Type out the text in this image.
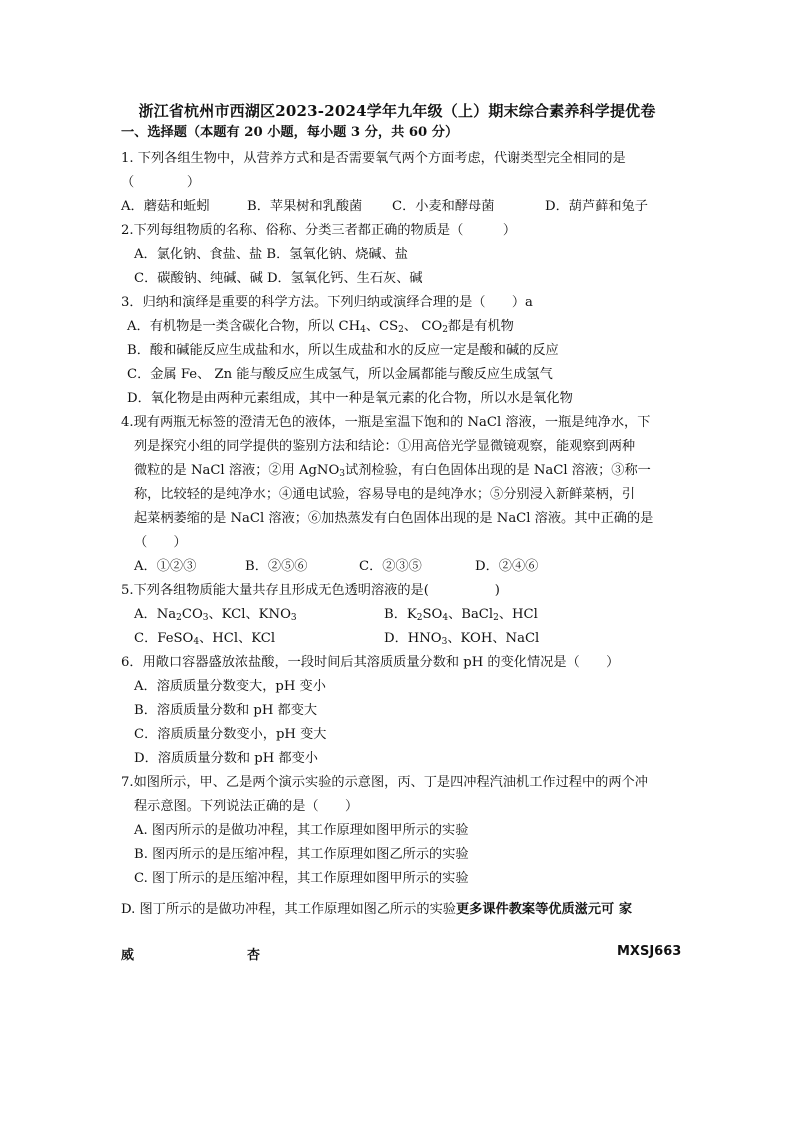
浙江省杭州市西湖区2023-2024学年九年级（上）期末综合素养科学提优卷
一、选择题（本题有 20 小题，每小题 3 分，共 60 分）
1. 下列各组生物中，从营养方式和是否需要氧气两个方面考虑，代谢类型完全相同的是
（　　　　）
A．蘑菇和蚯蚓	B．苹果树和乳酸菌 C．小麦和酵母菌	D．葫芦藓和兔子
2.下列每组物质的名称、俗称、分类三者都正确的物质是（　　　）
A．氯化钠、食盐、盐 B．氢氧化钠、烧碱、盐
C．碳酸钠、纯碱、碱 D．氢氧化钙、生石灰、碱
3．归纳和演绎是重要的科学方法。下列归纳或演绎合理的是（　　）a
A．有机物是一类含碳化合物，所以 $CH_4$、$CS_2$、 $CO_2$都是有机物
B．酸和碱能反应生成盐和水，所以生成盐和水的反应一定是酸和碱的反应
C．金属 Fe、 Zn 能与酸反应生成氢气，所以金属都能与酸反应生成氢气
D．氧化物是由两种元素组成，其中一种是氧元素的化合物，所以水是氧化物
4.现有两瓶无标签的澄清无色的液体，一瓶是室温下饱和的 NaCl 溶液，一瓶是纯净水，下
列是探究小组的同学提供的鉴别方法和结论：①用高倍光学显微镜观察，能观察到两种
微粒的是 NaCl 溶液；②用 AgNO$_3$试剂检验，有白色固体出现的是 NaCl 溶液；③称一
称，比较轻的是纯净水；④通电试验，容易导电的是纯净水；⑤分别浸入新鲜菜柄，引
起菜柄萎缩的是 NaCl 溶液；⑥加热蒸发有白色固体出现的是 NaCl 溶液。其中正确的是
（　　）
A．①②③	B．②⑤⑥	C．②③⑤	D．②④⑥
5.下列各组物质能大量共存且形成无色透明溶液的是(　　　　　)
A．$Na_2CO_3$、KCl、$KNO_3$	B．$K_2SO_4$、BaCl$_2$、HCl
C．FeSO$_4$、HCl、KCl	D．$HNO_3$、KOH、NaCl
6．用敞口容器盛放浓盐酸，一段时间后其溶质质量分数和 pH 的变化情况是（　　）
A．溶质质量分数变大，pH 变小
B．溶质质量分数和 pH 都变大
C．溶质质量分数变小，pH 变大
D．溶质质量分数和 pH 都变小
7.如图所示，甲、乙是两个演示实验的示意图，丙、丁是四冲程汽油机工作过程中的两个冲
程示意图。下列说法正确的是（　　）
A. 图丙所示的是做功冲程，其工作原理如图甲所示的实验
B. 图丙所示的是压缩冲程，其工作原理如图乙所示的实验
C. 图丁所示的是压缩冲程，其工作原理如图甲所示的实验
D. 图丁所示的是做功冲程，其工作原理如图乙所示的实验更多课件教案等优质滋元可 家
威	杏	MXSJ663
